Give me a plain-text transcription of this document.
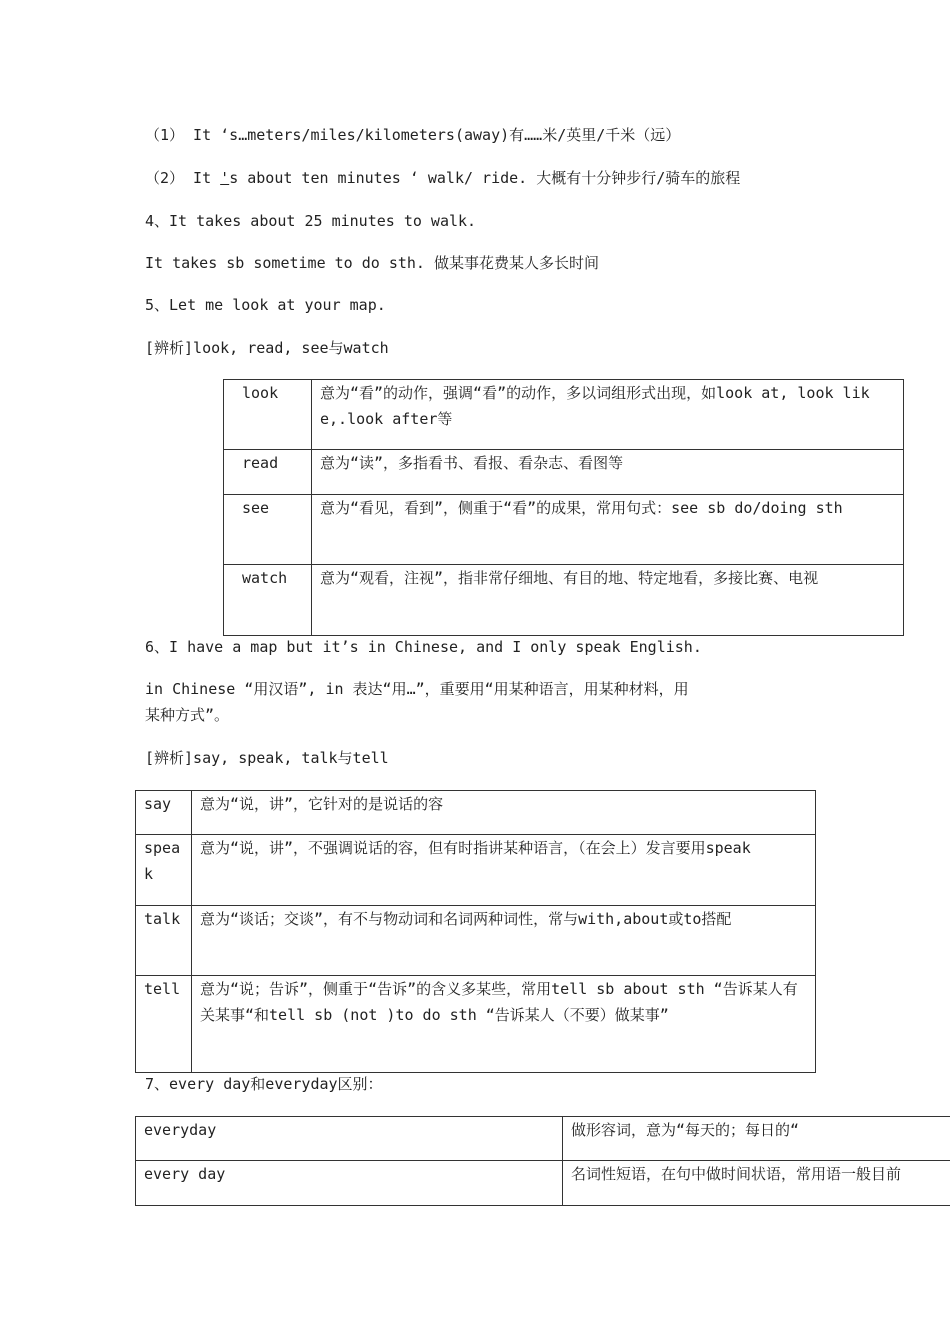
（1） It ‘s…meters/miles/kilometers(away)有……米/英里/千米（远）
（2） It 's about ten minutes ‘ walk/ ride. 大概有十分钟步行/骑车的旅程
4、It takes about 25 minutes to walk.
It takes sb sometime to do sth. 做某事花费某人多长时间
5、Let me look at your map.
[辨析]look, read, see与watch
look	意为“看”的动作，强调“看”的动作，多以词组形式出现，如look at, look like,.look after等
read	意为“读”，多指看书、看报、看杂志、看图等
see	意为“看见，看到”，侧重于“看”的成果，常用句式：see sb do/doing sth
watch	意为“观看，注视”，指非常仔细地、有目的地、特定地看，多接比赛、电视
6、I have a map but it’s in Chinese, and I only speak English.
in Chinese “用汉语”, in 表达“用…”，重要用“用某种语言，用某种材料，用
某种方式”。
[辨析]say, speak, talk与tell
say	意为“说，讲”，它针对的是说话的容
speak	意为“说，讲”，不强调说话的容，但有时指讲某种语言，（在会上）发言要用speak
talk	意为“谈话；交谈”，有不与物动词和名词两种词性，常与with,about或to搭配
tell	意为“说；告诉”，侧重于“告诉”的含义多某些，常用tell sb about sth “告诉某人有关某事“和tell sb (not )to do sth “告诉某人（不要）做某事”
7、every day和everyday区别：
everyday	做形容词，意为“每天的；每日的“
every day	名词性短语，在句中做时间状语，常用语一般目前
